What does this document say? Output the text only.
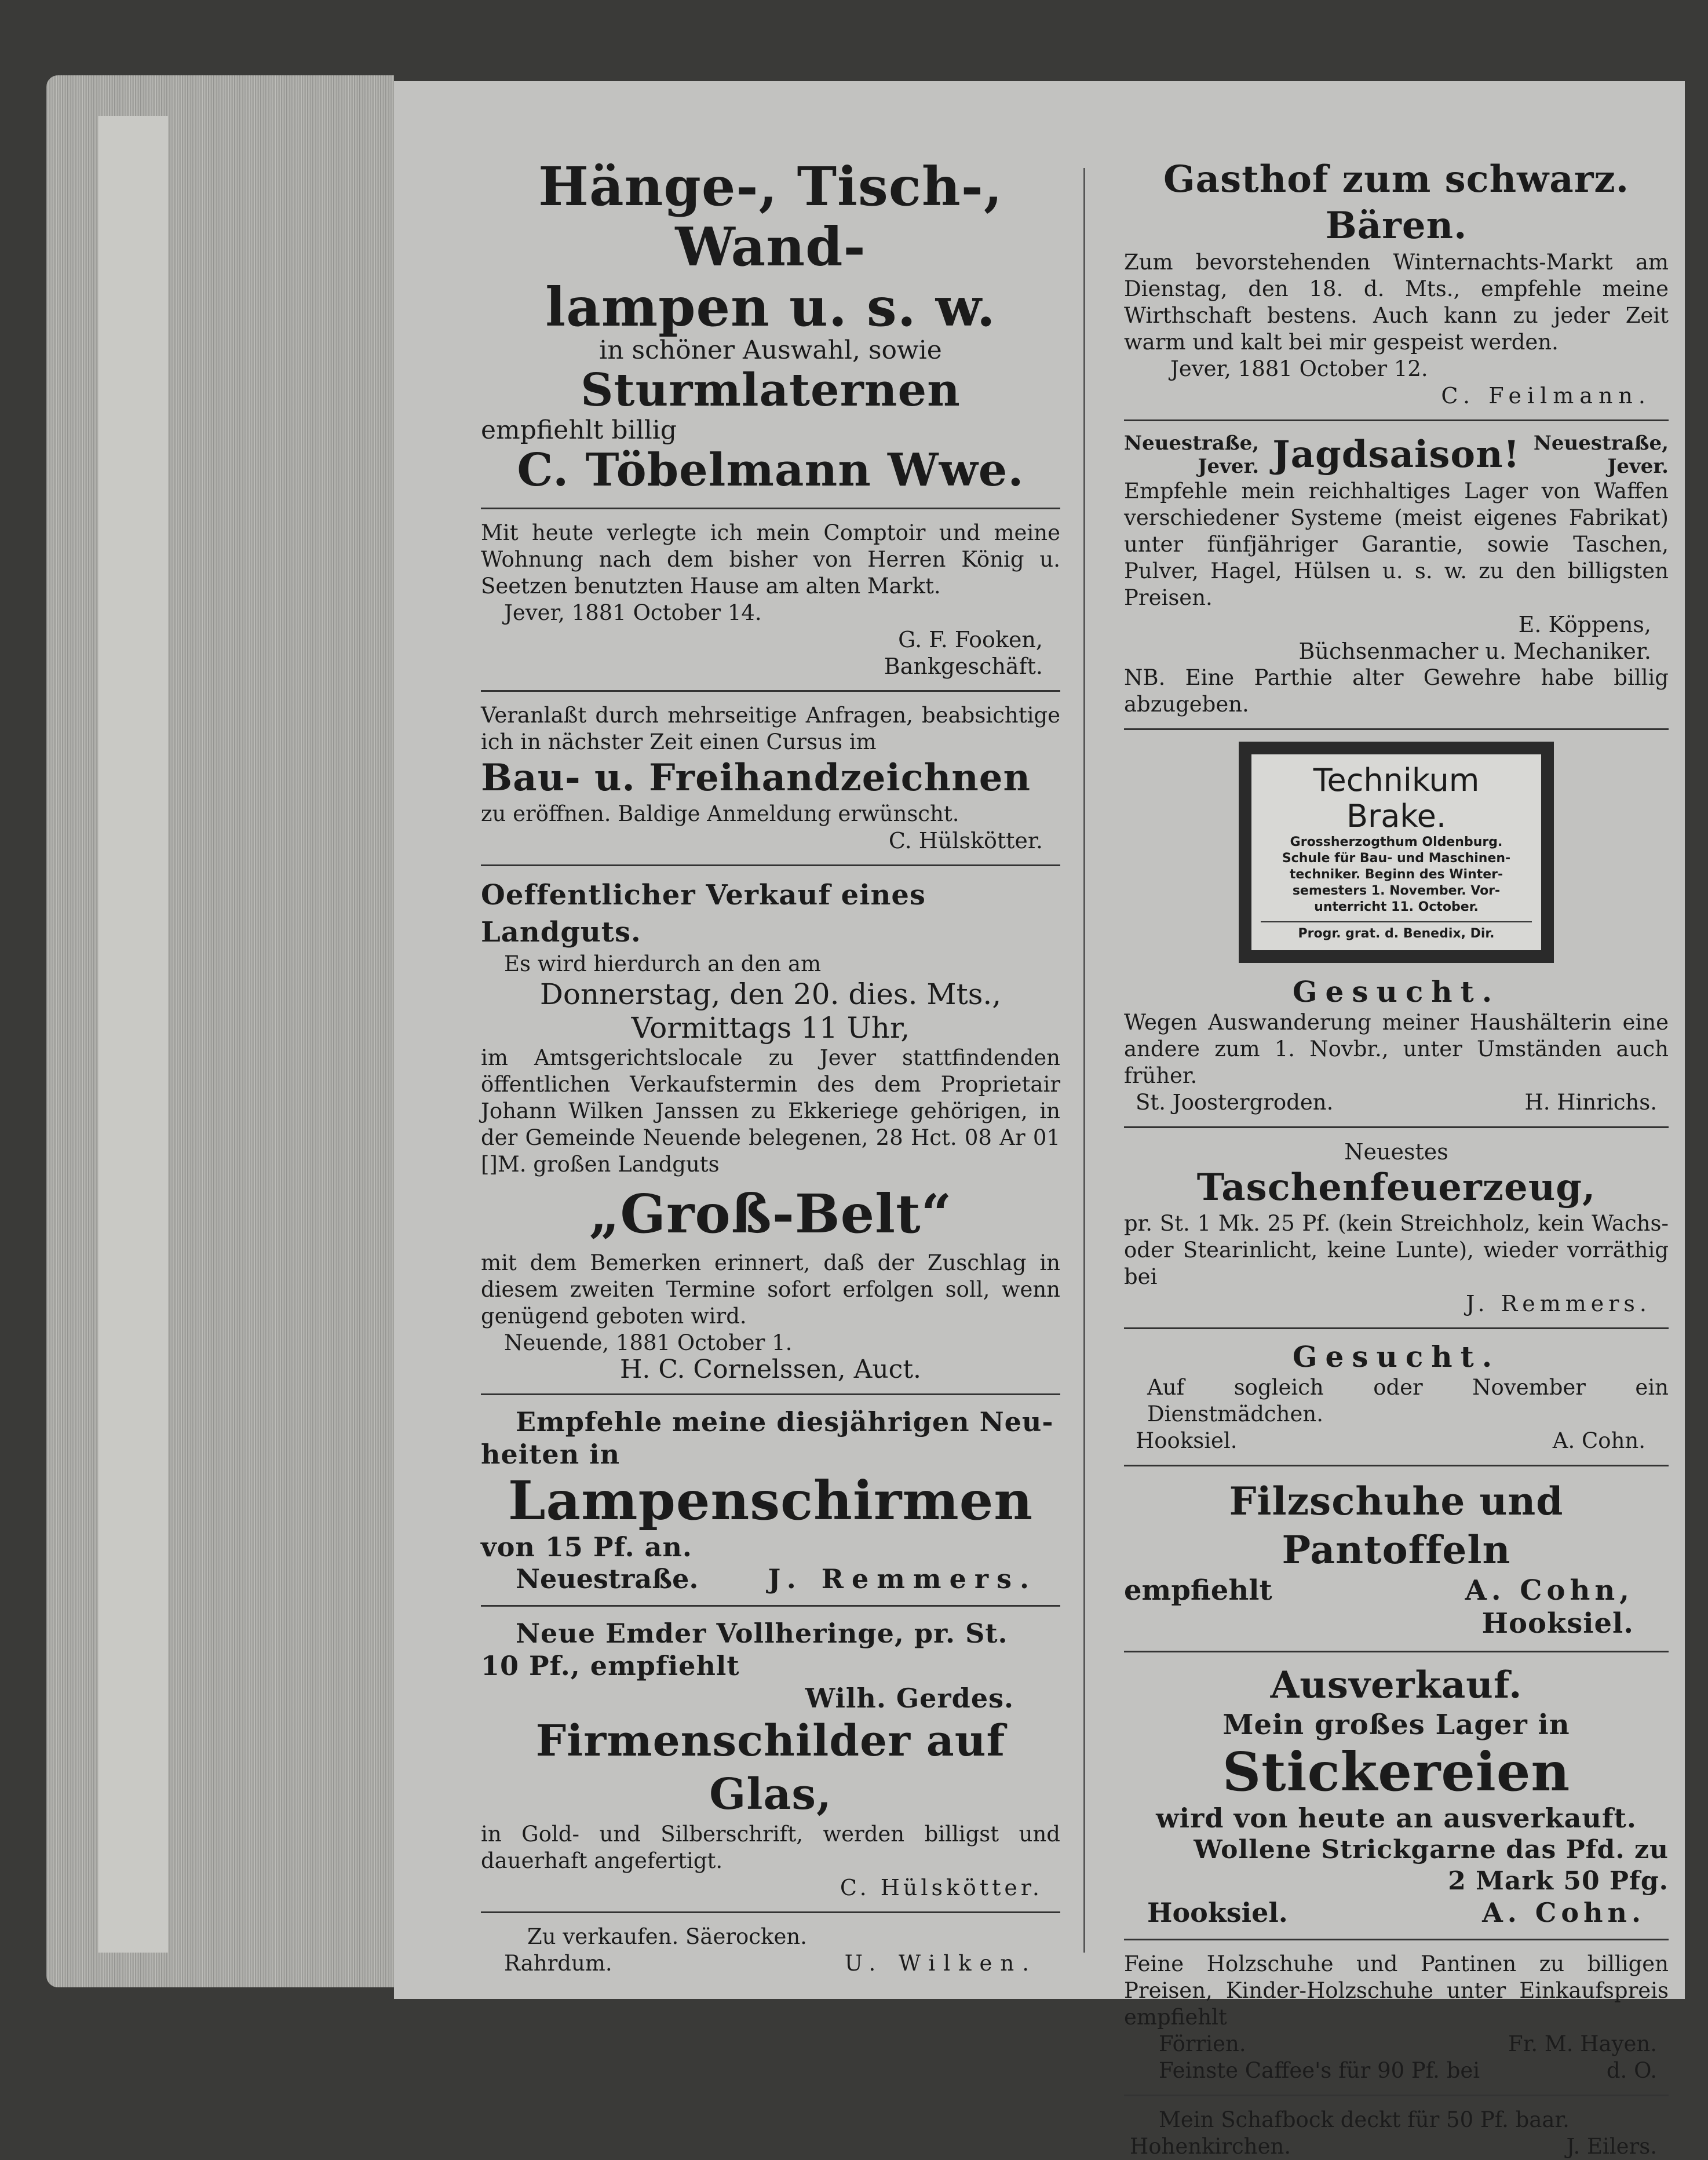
Hänge-, Tisch-, Wand-
lampen u. s. w.
in schöner Auswahl, sowie
Sturmlaternen
empfiehlt billig
C. Töbelmann Wwe.
Mit heute verlegte ich mein Comptoir und meine Wohnung nach dem bisher von Herren König u. Seetzen benutzten Hause am alten Markt.
Jever, 1881 October 14.
G. F. Fooken,
Bankgeschäft.
Veranlaßt durch mehrseitige Anfragen, beabsichtige ich in nächster Zeit einen Cursus im
Bau- u. Freihandzeichnen
zu eröffnen. Baldige Anmeldung erwünscht.
C. Hülskötter.
Oeffentlicher Verkauf eines Landguts.
Es wird hierdurch an den am
Donnerstag, den 20. dies. Mts.,
Vormittags 11 Uhr,
im Amtsgerichtslocale zu Jever stattfindenden öffentlichen Verkaufstermin des dem Proprietair Johann Wilken Janssen zu Ekkeriege gehörigen, in der Gemeinde Neuende belegenen, 28 Hct. 08 Ar 01 []M. großen Landguts
„Groß-Belt“
mit dem Bemerken erinnert, daß der Zuschlag in diesem zweiten Termine sofort erfolgen soll, wenn genügend geboten wird.
Neuende, 1881 October 1.
H. C. Cornelssen, Auct.
Empfehle meine diesjährigen Neu-
heiten in
Lampenschirmen
von 15 Pf. an.
Neuestraße.	J. Remmers.
Neue Emder Vollheringe, pr. St.
10 Pf., empfiehlt
Wilh. Gerdes.
Firmenschilder auf Glas,
in Gold- und Silberschrift, werden billigst und dauerhaft angefertigt.
C. Hülskötter.
Zu verkaufen. Säerocken.
Rahrdum.	U. Wilken.
Gasthof zum schwarz. Bären.
Zum bevorstehenden Winternachts-Markt am Dienstag, den 18. d. Mts., empfehle meine Wirthschaft bestens. Auch kann zu jeder Zeit warm und kalt bei mir gespeist werden.
Jever, 1881 October 12.
C. Feilmann.
Neuestraße,
Jever. Jagdsaison! Neuestraße,
Jever.
Empfehle mein reichhaltiges Lager von Waffen verschiedener Systeme (meist eigenes Fabrikat) unter fünfjähriger Garantie, sowie Taschen, Pulver, Hagel, Hülsen u. s. w. zu den billigsten Preisen.
E. Köppens,
Büchsenmacher u. Mechaniker.
NB. Eine Parthie alter Gewehre habe billig abzugeben.
Technikum Brake.
Grossherzogthum Oldenburg.
Schule für Bau- und Maschinen-techniker. Beginn des Winter-semesters 1. November. Vor-unterricht 11. October.
Progr. grat. d. Benedix, Dir.
Gesucht.
Wegen Auswanderung meiner Haushälterin eine andere zum 1. Novbr., unter Umständen auch früher.
St. Joostergroden.	H. Hinrichs.
Neuestes
Taschenfeuerzeug,
pr. St. 1 Mk. 25 Pf. (kein Streichholz, kein Wachs- oder Stearinlicht, keine Lunte), wieder vorräthig bei
J. Remmers.
Gesucht.
Auf sogleich oder November ein Dienstmädchen.
Hooksiel.	A. Cohn.
Filzschuhe und Pantoffeln
empfiehlt	A. Cohn,
Hooksiel.
Ausverkauf.
Mein großes Lager in
Stickereien
wird von heute an ausverkauft.
Wollene Strickgarne das Pfd. zu
2 Mark 50 Pfg.
Hooksiel.	A. Cohn.
Feine Holzschuhe und Pantinen zu billigen Preisen, Kinder-Holzschuhe unter Einkaufspreis empfiehlt
Förrien.	Fr. M. Hayen.
Feinste Caffee's für 90 Pf. bei	d. O.
Mein Schafbock deckt für 50 Pf. baar.
Hohenkirchen.	J. Eilers.
